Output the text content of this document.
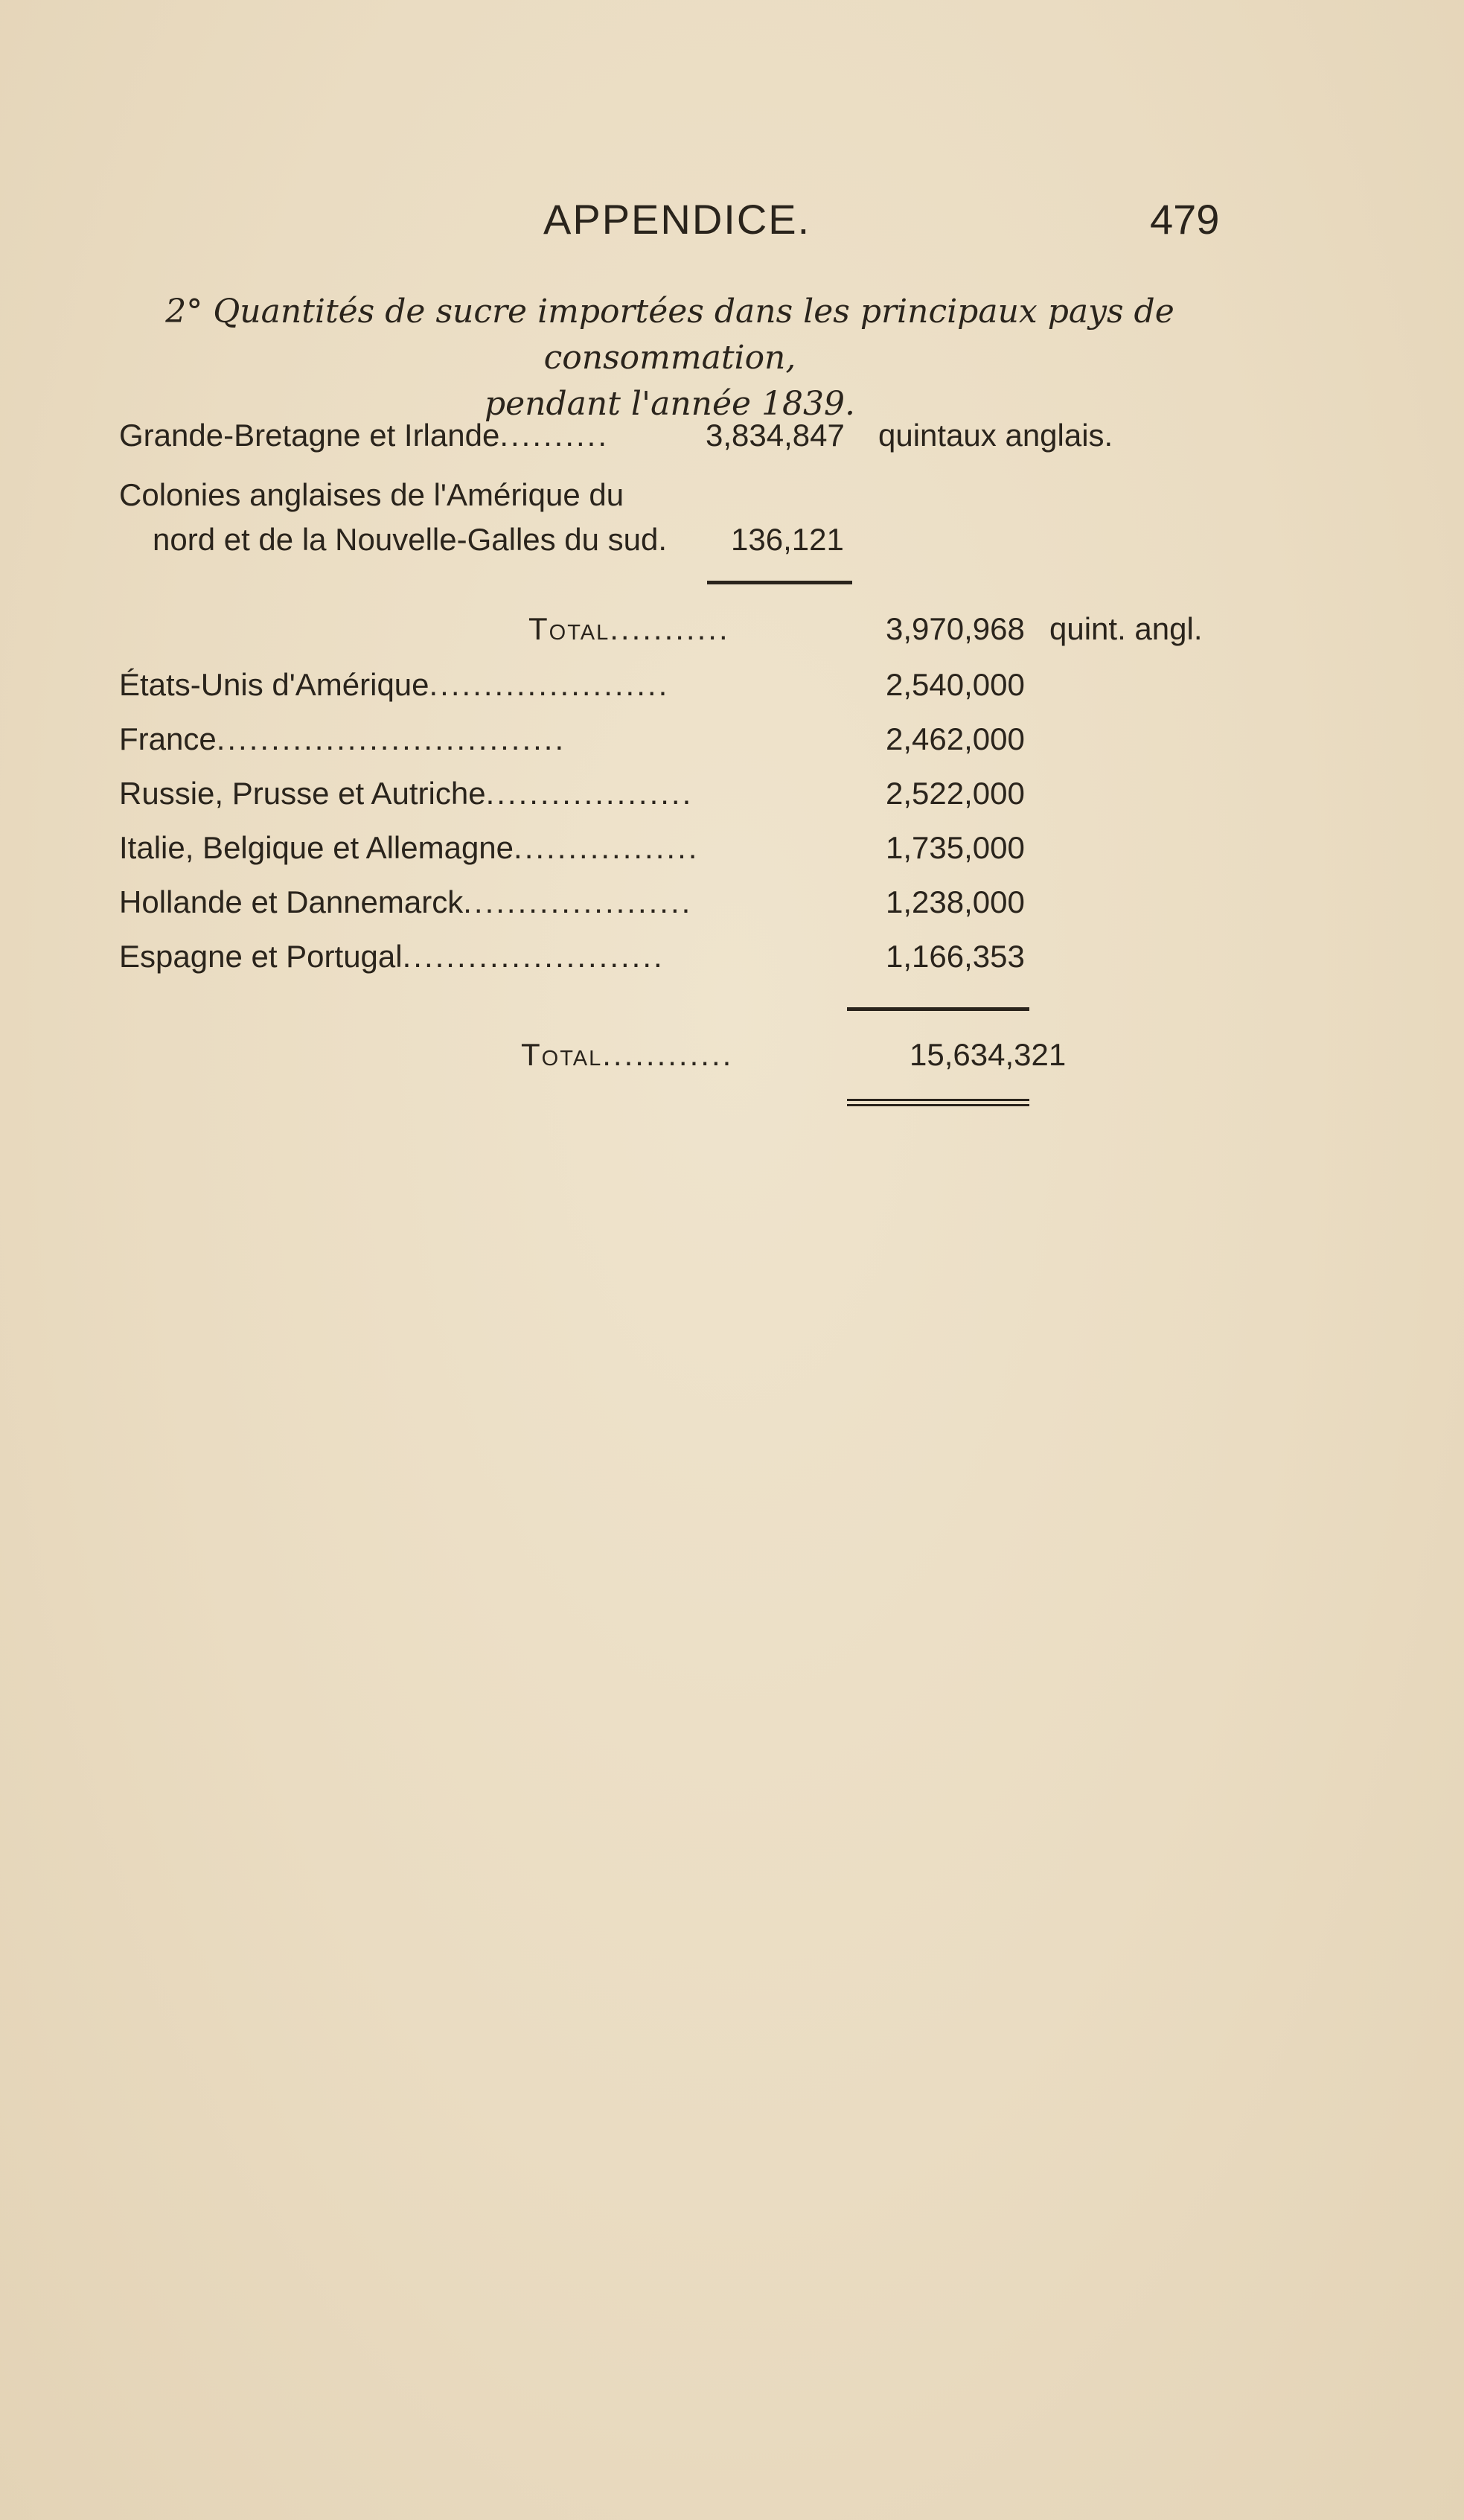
APPENDICE.	479
2° Quantités de sucre importées dans les principaux pays de consommation,
pendant l'année 1839.
Grande-Bretagne et Irlande..........	3,834,847 quintaux anglais.
Colonies anglaises de l'Amérique du
nord et de la Nouvelle-Galles du sud. 136,121
Total...........	3,970,968 quint. angl.
États-Unis d'Amérique......................	2,540,000
France................................	2,462,000
Russie, Prusse et Autriche...................	2,522,000
Italie, Belgique et Allemagne.................	1,735,000
Hollande et Dannemarck.....................	1,238,000
Espagne et Portugal........................	1,166,353
Total............	15,634,321
